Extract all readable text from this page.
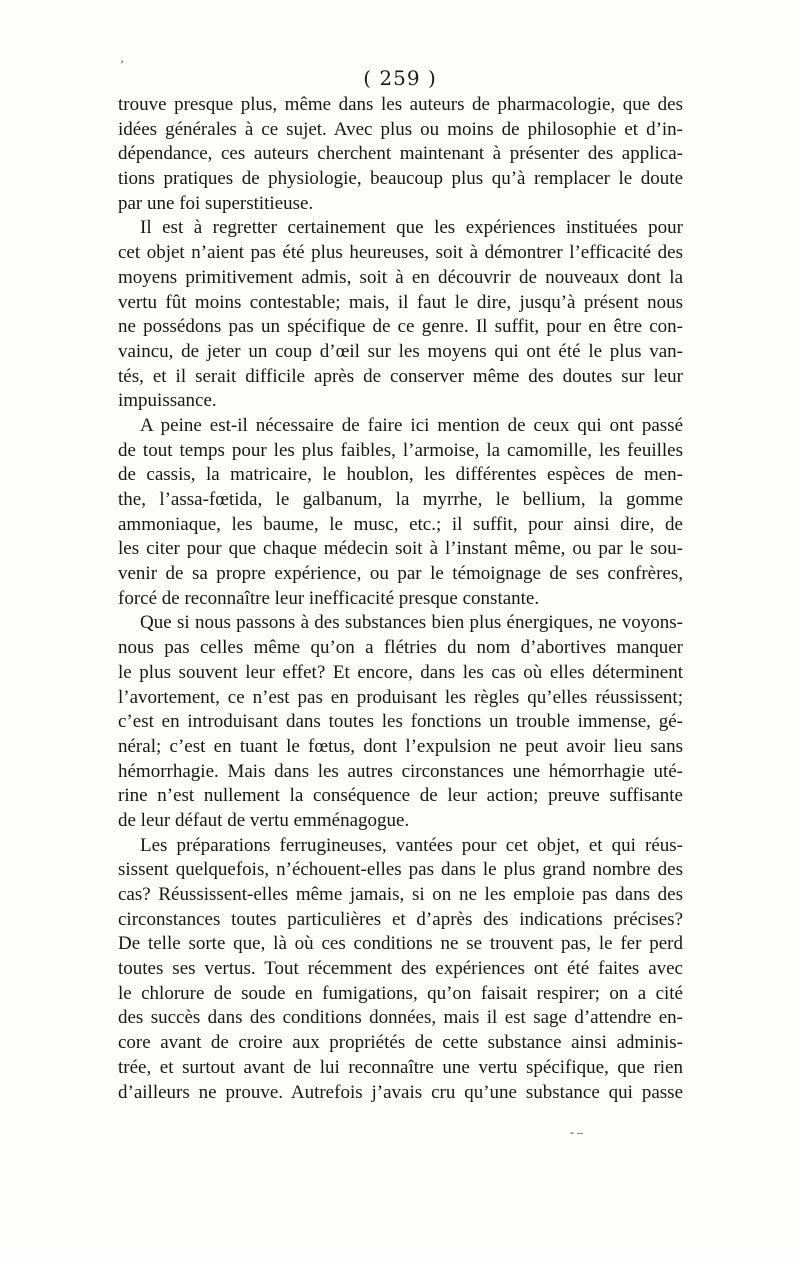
’
( 259 )
trouve presque plus, même dans les auteurs de pharmacologie, que des
idées générales à ce sujet. Avec plus ou moins de philosophie et d’in-
dépendance, ces auteurs cherchent maintenant à présenter des applica-
tions pratiques de physiologie, beaucoup plus qu’à remplacer le doute
par une foi superstitieuse.
Il est à regretter certainement que les expériences instituées pour
cet objet n’aient pas été plus heureuses, soit à démontrer l’efficacité des
moyens primitivement admis, soit à en découvrir de nouveaux dont la
vertu fût moins contestable; mais, il faut le dire, jusqu’à présent nous
ne possédons pas un spécifique de ce genre. Il suffit, pour en être con-
vaincu, de jeter un coup d’œil sur les moyens qui ont été le plus van-
tés, et il serait difficile après de conserver même des doutes sur leur
impuissance.
A peine est-il nécessaire de faire ici mention de ceux qui ont passé
de tout temps pour les plus faibles, l’armoise, la camomille, les feuilles
de cassis, la matricaire, le houblon, les différentes espèces de men-
the, l’assa-fœtida, le galbanum, la myrrhe, le bellium, la gomme
ammoniaque, les baume, le musc, etc.; il suffit, pour ainsi dire, de
les citer pour que chaque médecin soit à l’instant même, ou par le sou-
venir de sa propre expérience, ou par le témoignage de ses confrères,
forcé de reconnaître leur inefficacité presque constante.
Que si nous passons à des substances bien plus énergiques, ne voyons-
nous pas celles même qu’on a flétries du nom d’abortives manquer
le plus souvent leur effet? Et encore, dans les cas où elles déterminent
l’avortement, ce n’est pas en produisant les règles qu’elles réussissent;
c’est en introduisant dans toutes les fonctions un trouble immense, gé-
néral; c’est en tuant le fœtus, dont l’expulsion ne peut avoir lieu sans
hémorrhagie. Mais dans les autres circonstances une hémorrhagie uté-
rine n’est nullement la conséquence de leur action; preuve suffisante
de leur défaut de vertu emménagogue.
Les préparations ferrugineuses, vantées pour cet objet, et qui réus-
sissent quelquefois, n’échouent-elles pas dans le plus grand nombre des
cas? Réussissent-elles même jamais, si on ne les emploie pas dans des
circonstances toutes particulières et d’après des indications précises?
De telle sorte que, là où ces conditions ne se trouvent pas, le fer perd
toutes ses vertus. Tout récemment des expériences ont été faites avec
le chlorure de soude en fumigations, qu’on faisait respirer; on a cité
des succès dans des conditions données, mais il est sage d’attendre en-
core avant de croire aux propriétés de cette substance ainsi adminis-
trée, et surtout avant de lui reconnaître une vertu spécifique, que rien
d’ailleurs ne prouve. Autrefois j’avais cru qu’une substance qui passe
- –
